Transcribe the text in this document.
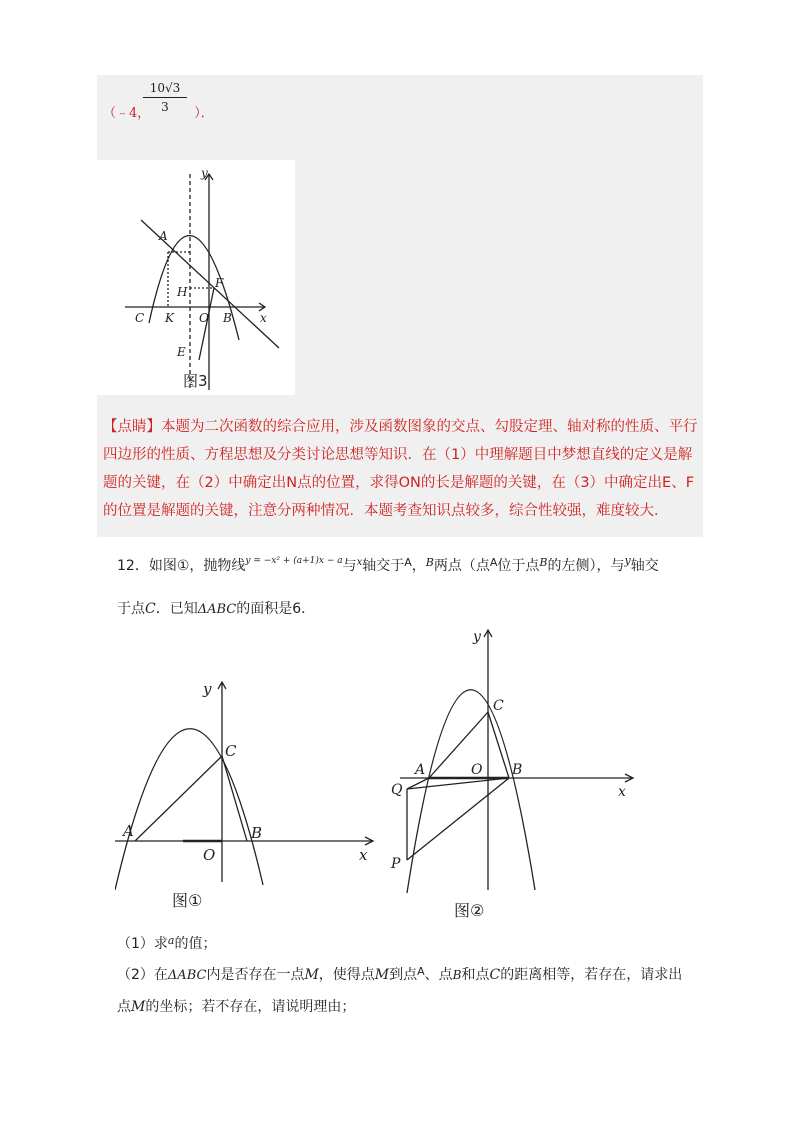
10√3
3
（﹣4，	）．
y
x
A
H
F
C K O B
E
图3
【点睛】本题为二次函数的综合应用，涉及函数图象的交点、勾股定理、轴对称的性质、平行四边形的性质、方程思想及分类讨论思想等知识．在（1）中理解题目中梦想直线的定义是解题的关键，在（2）中确定出N点的位置，求得ON的长是解题的关键，在（3）中确定出E、F的位置是解题的关键，注意分两种情况．本题考查知识点较多，综合性较强，难度较大．
12．如图①，抛物线$^{y = -x^2 + (a+1)x - a}$与$^x$轴交于$^A$，$^B$两点（点$^A$位于点$^B$的左侧），与$^y$轴交
于点C．已知ΔABC的面积是6．
y
x
A	B
C
O
图①
y
x
A	B
C
O
Q
P
图②
（1）求$^a$的值；
（2）在ΔABC内是否存在一点M，使得点M到点$^A$、点B和点C的距离相等，若存在，请求出
点M的坐标；若不存在，请说明理由；
